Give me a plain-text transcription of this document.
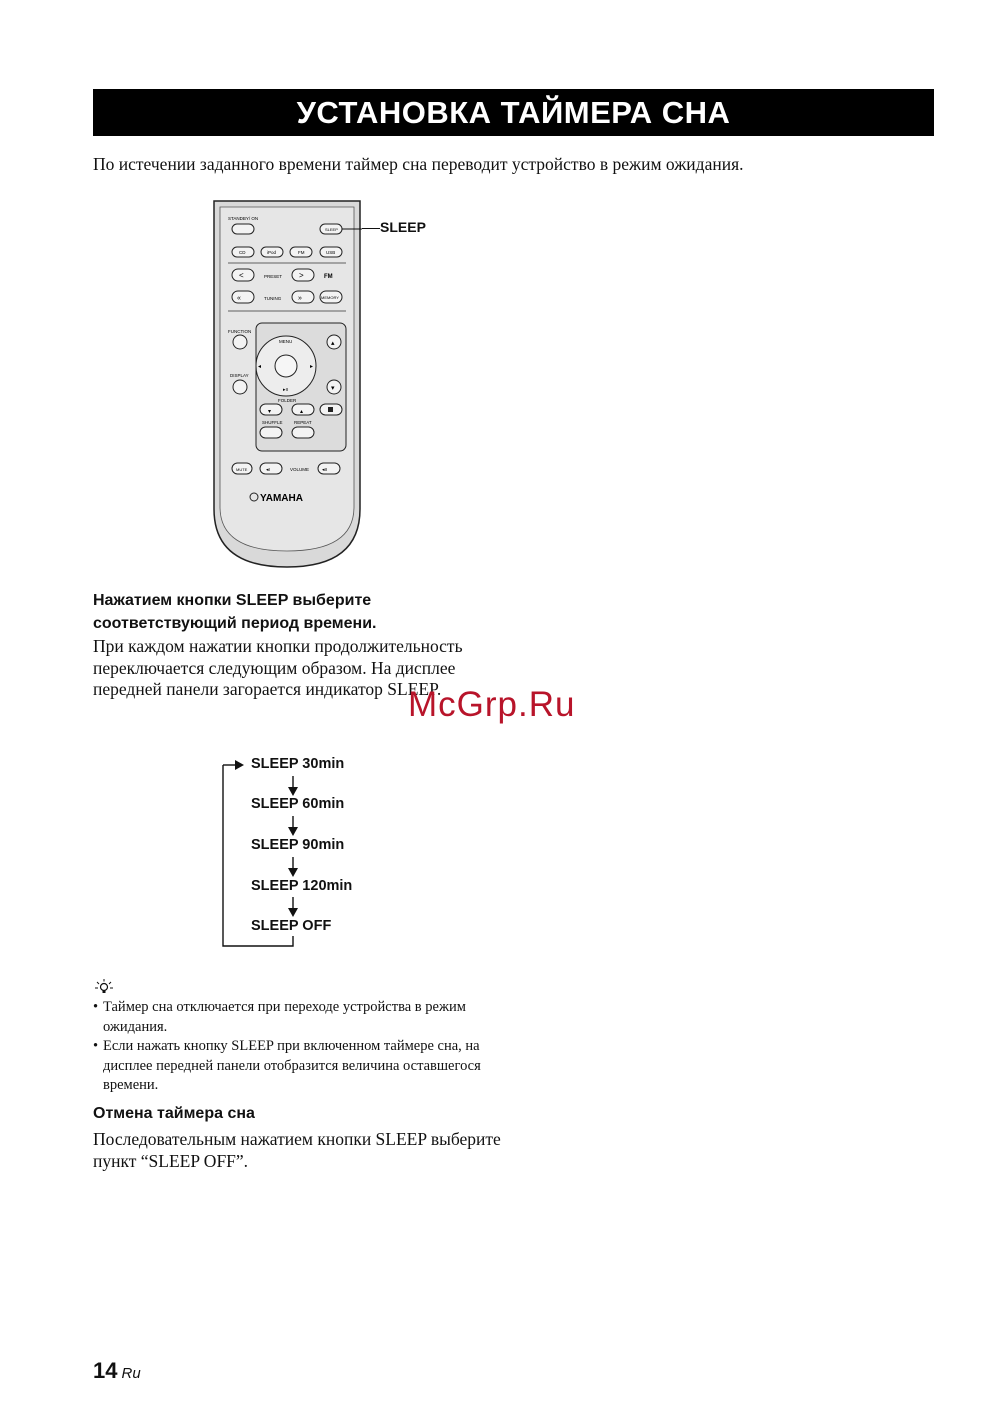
УСТАНОВКА ТАЙМЕРА СНА
По истечении заданного времени таймер сна переводит устройство в режим ожидания.
STANDBY/ ON
SLEEP
CD	iPod	FM	USB
<	PRESET >	FM
«	TUNING »	MEMORY
FUNCTION
DISPLAY
MENU
◂	▸
▸ıı
▴
▾
FOLDER
▾	▴
SHUFFLE	REPEAT
MUTE	◂ı	VOLUME	◂ıı
YAMAHA
SLEEP
Нажатием кнопки SLEEP выберите
соответствующий период времени.
При каждом нажатии кнопки продолжительность переключается следующим образом. На дисплее передней панели загорается индикатор SLEEP.
SLEEP 30min
SLEEP 60min
SLEEP 90min
SLEEP 120min
SLEEP OFF
• Таймер сна отключается при переходе устройства в режим ожидания.
• Если нажать кнопку SLEEP при включенном таймере сна, на дисплее передней панели отобразится величина оставшегося времени.
Отмена таймера сна
Последовательным нажатием кнопки SLEEP выберите пункт “SLEEP OFF”.
McGrp.Ru
14 Ru
